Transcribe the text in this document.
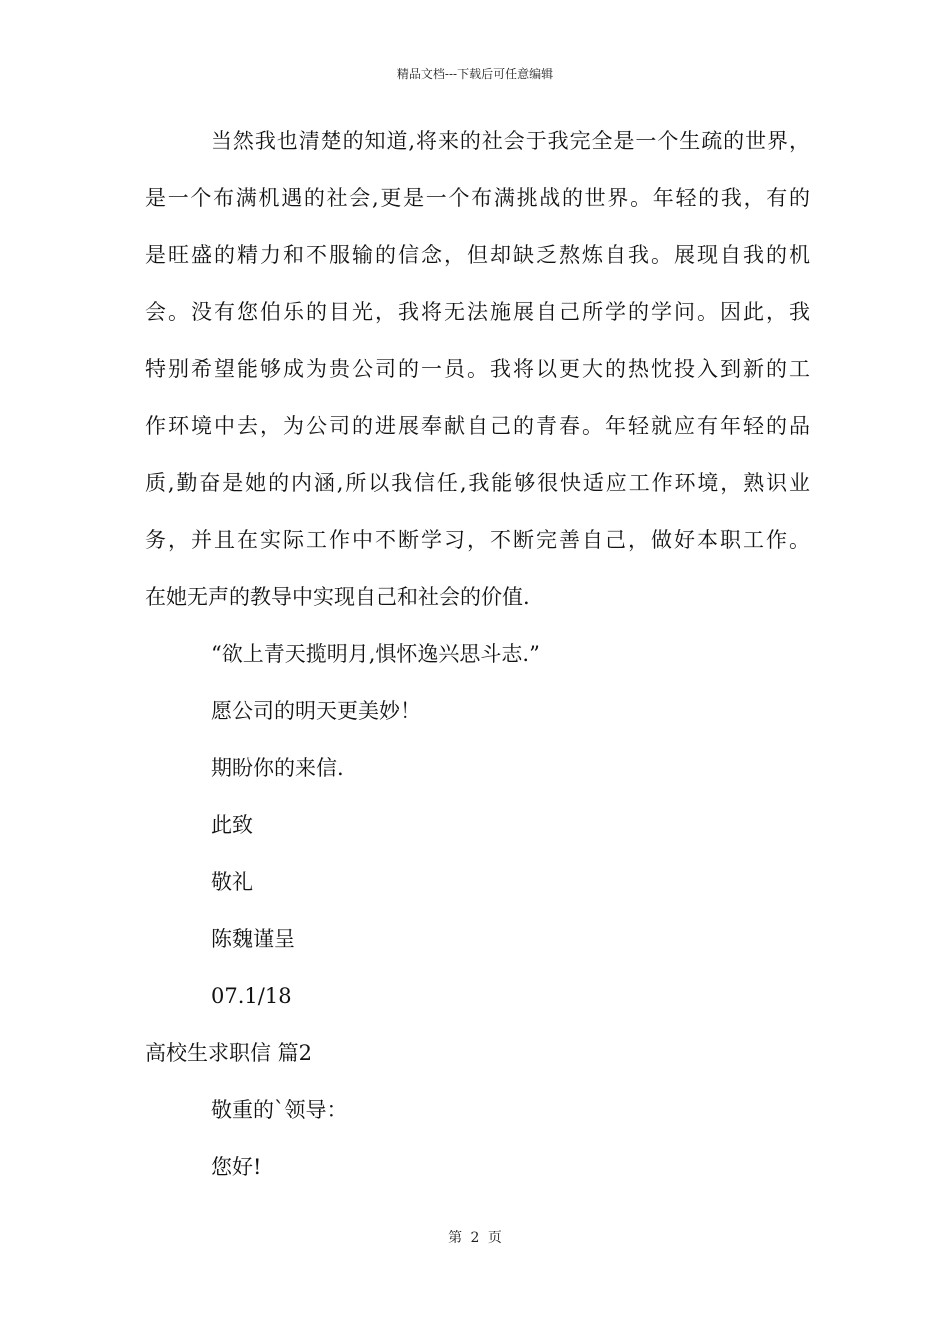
精品文档---下载后可任意编辑
当然我也清楚的知道,将来的社会于我完全是一个生疏的世界，
是一个布满机遇的社会,更是一个布满挑战的世界。年轻的我，有的
是旺盛的精力和不服输的信念，但却缺乏熬炼自我。展现自我的机
会。没有您伯乐的目光，我将无法施展自己所学的学问。因此，我
特别希望能够成为贵公司的一员。我将以更大的热忱投入到新的工
作环境中去，为公司的进展奉献自己的青春。年轻就应有年轻的品
质,勤奋是她的内涵,所以我信任,我能够很快适应工作环境，熟识业
务，并且在实际工作中不断学习，不断完善自己，做好本职工作。
在她无声的教导中实现自己和社会的价值.
“欲上青天揽明月,惧怀逸兴思斗志.”
愿公司的明天更美妙！
期盼你的来信.
此致
敬礼
陈魏谨呈
07.1/18
高校生求职信 篇2
敬重的`领导：
您好!
第 2 页
